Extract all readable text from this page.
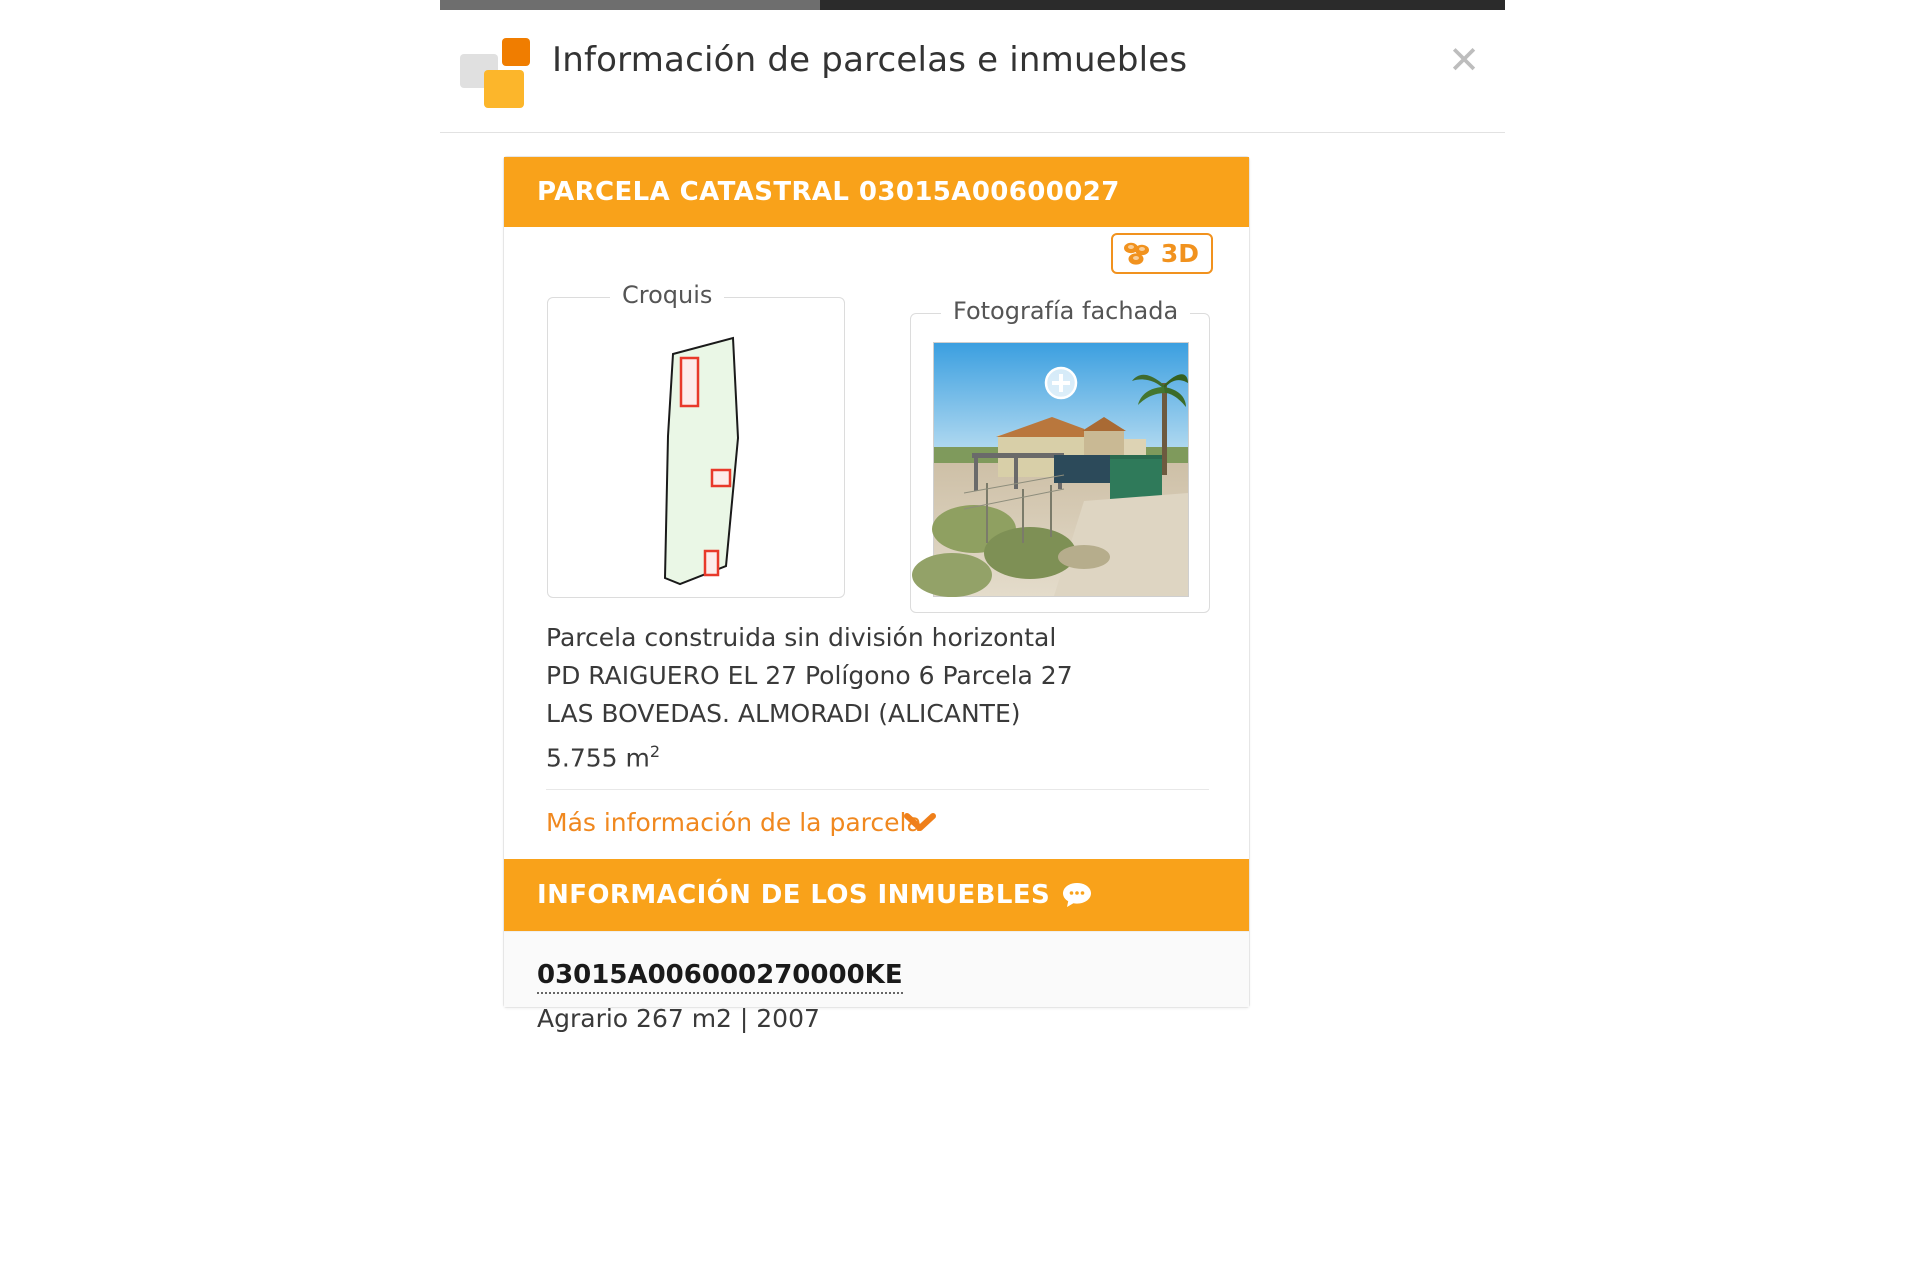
Información de parcelas e inmuebles	✕
PARCELA CATASTRAL 03015A00600027
3D
Croquis
Fotografía fachada
Parcela construida sin división horizontal
PD RAIGUERO EL 27 Polígono 6 Parcela 27
LAS BOVEDAS. ALMORADI (ALICANTE)
5.755 $m^2$
Más información de la parcela
INFORMACIÓN DE LOS INMUEBLES
03015A006000270000KE
Agrario 267 m2 | 2007
